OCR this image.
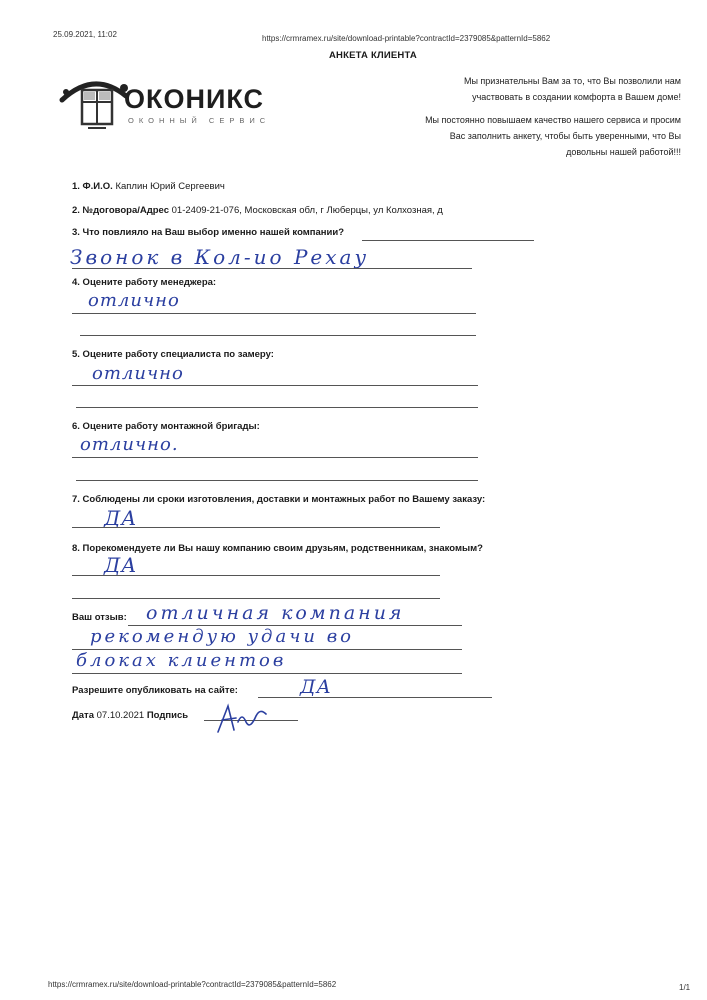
25.09.2021, 11:02	https://crmramex.ru/site/download-printable?contractId=2379085&patternId=5862
АНКЕТА КЛИЕНТА
ОКОНИКС
ОКОННЫЙ СЕРВИС
Мы признательны Вам за то, что Вы позволили нам
участвовать в создании комфорта в Вашем доме!
Мы постоянно повышаем качество нашего сервиса и просим
Вас заполнить анкету, чтобы быть уверенными, что Вы
довольны нашей работой!!!
1. Ф.И.О. Каплин Юрий Сергеевич
2. №договора/Адрес 01-2409-21-076, Московская обл, г Люберцы, ул Колхозная, д
3. Что повлияло на Ваш выбор именно нашей компании?
Звонок в Кол-ио Рехау
4. Оцените работу менеджера:
отлично
5. Оцените работу специалиста по замеру:
отлично
6. Оцените работу монтажной бригады:
отлично.
7. Соблюдены ли сроки изготовления, доставки и монтажных работ по Вашему заказу:
ДА
8. Порекомендуете ли Вы нашу компанию своим друзьям, родственникам, знакомым?
ДА
Ваш отзыв: отличная компания
рекомендую удачи во
блоках клиентов
Разрешите опубликовать на сайте:	ДА
Дата 07.10.2021 Подпись
https://crmramex.ru/site/download-printable?contractId=2379085&patternId=5862	1/1
